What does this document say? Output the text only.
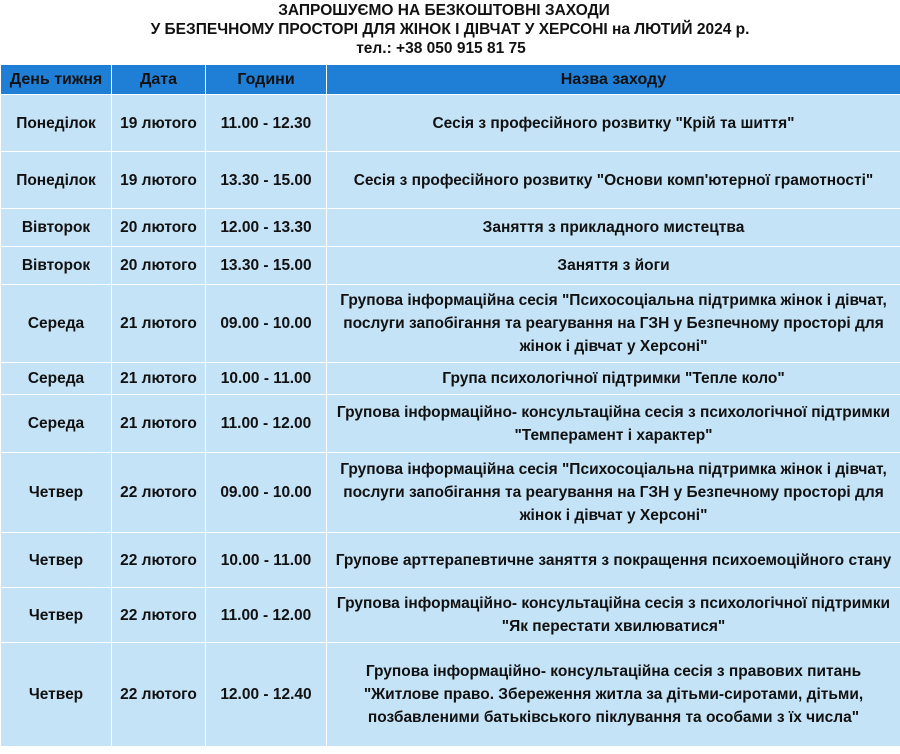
ЗАПРОШУЄМО НА БЕЗКОШТОВНІ ЗАХОДИ
У БЕЗПЕЧНОМУ ПРОСТОРІ ДЛЯ ЖІНОК І ДІВЧАТ У ХЕРСОНІ на ЛЮТИЙ 2024 р.
тел.: +38 050 915 81 75
День тижня	Дата	Години	Назва заходу
Понеділок	19 лютого	11.00 - 12.30	Сесія з професійного розвитку "Крій та шиття"
Понеділок	19 лютого	13.30 - 15.00	Сесія з професійного розвитку "Основи комп'ютерної грамотності"
Вівторок	20 лютого	12.00 - 13.30	Заняття з прикладного мистецтва
Вівторок	20 лютого	13.30 - 15.00	Заняття з йоги
Середа	21 лютого	09.00 - 10.00	Групова інформаційна сесія "Психосоціальна підтримка жінок і дівчат, послуги запобігання та реагування на ГЗН у Безпечному просторі для жінок і дівчат у Херсоні"
Середа	21 лютого	10.00 - 11.00	Група психологічної підтримки "Тепле коло"
Середа	21 лютого	11.00 - 12.00	Групова інформаційно- консультаційна сесія з психологічної підтримки "Темперамент і характер"
Четвер	22 лютого	09.00 - 10.00	Групова інформаційна сесія "Психосоціальна підтримка жінок і дівчат, послуги запобігання та реагування на ГЗН у Безпечному просторі для жінок і дівчат у Херсоні"
Четвер	22 лютого	10.00 - 11.00	Групове арттерапевтичне заняття з покращення психоемоційного стану
Четвер	22 лютого	11.00 - 12.00	Групова інформаційно- консультаційна сесія з психологічної підтримки "Як перестати хвилюватися"
Четвер	22 лютого	12.00 - 12.40	Групова інформаційно- консультаційна сесія з правових питань "Житлове право. Збереження житла за дітьми-сиротами, дітьми, позбавленими батьківського піклування та особами з їх числа"
